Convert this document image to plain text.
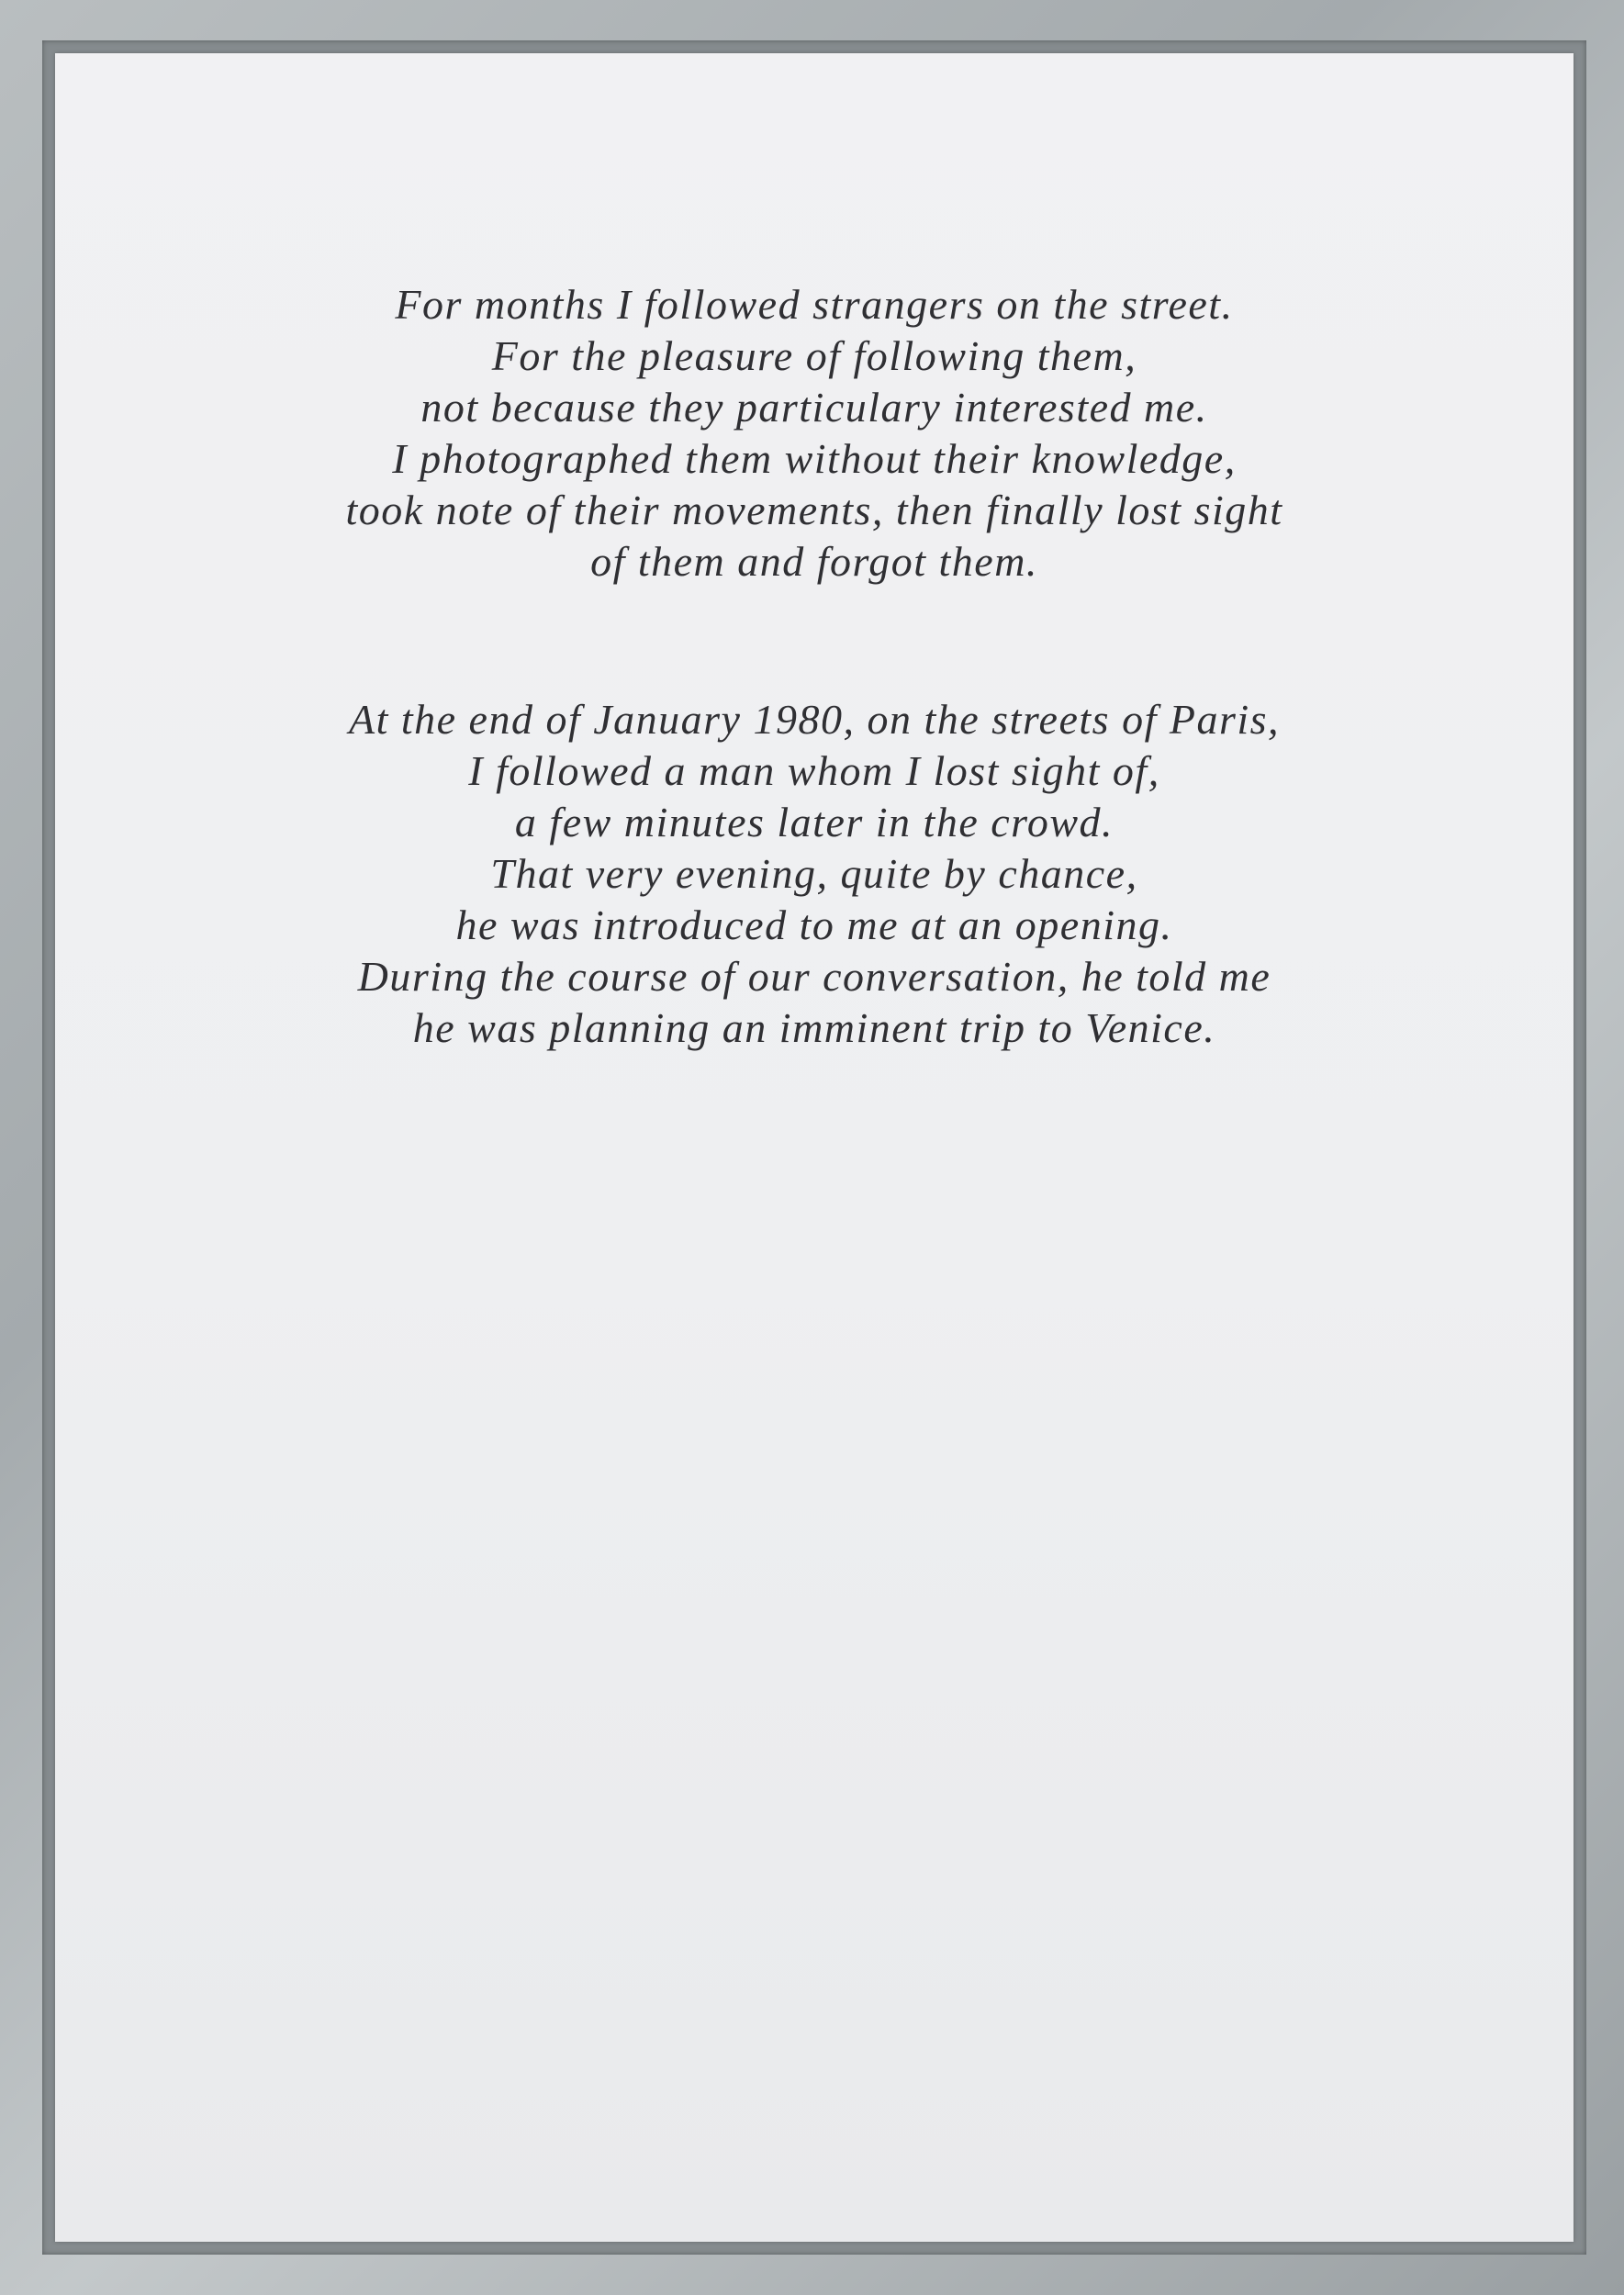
For months I followed strangers on the street.
For the pleasure of following them,
not because they particulary interested me.
I photographed them without their knowledge,
took note of their movements, then finally lost sight
of them and forgot them.
At the end of January 1980, on the streets of Paris,
I followed a man whom I lost sight of,
a few minutes later in the crowd.
That very evening, quite by chance,
he was introduced to me at an opening.
During the course of our conversation, he told me
he was planning an imminent trip to Venice.
